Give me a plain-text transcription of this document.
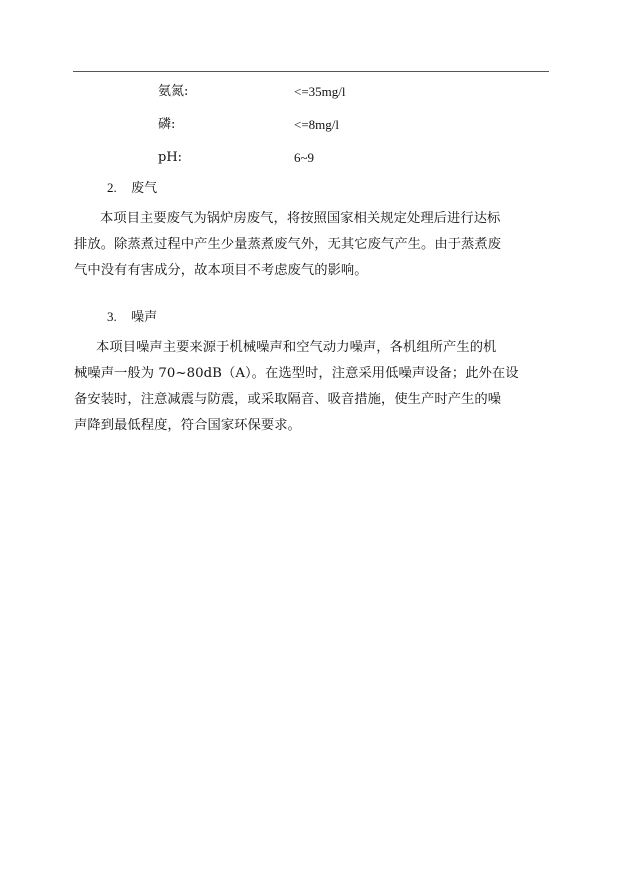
氨氮:	<=35mg/l
磷:	<=8mg/l
pH:	6~9
2. 废气
本项目主要废气为锅炉房废气，将按照国家相关规定处理后进行达标
排放。除蒸煮过程中产生少量蒸煮废气外，无其它废气产生。由于蒸煮废
气中没有有害成分，故本项目不考虑废气的影响。
3. 噪声
本项目噪声主要来源于机械噪声和空气动力噪声，各机组所产生的机
械噪声一般为 70~80dB（A）。在选型时，注意采用低噪声设备；此外在设
备安装时，注意减震与防震，或采取隔音、吸音措施，使生产时产生的噪
声降到最低程度，符合国家环保要求。
